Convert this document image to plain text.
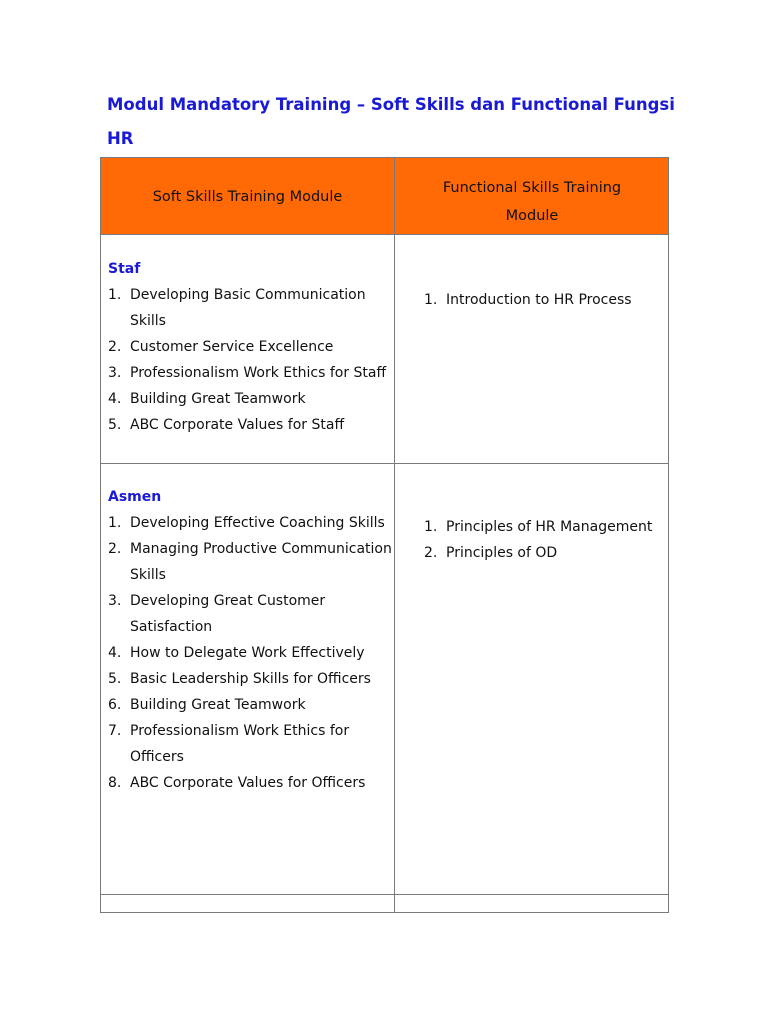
Modul Mandatory Training – Soft Skills dan Functional Fungsi HR
Soft Skills Training Module
Functional Skills Training Module
Staf
1. Developing Basic Communication Skills
2. Customer Service Excellence
3. Professionalism Work Ethics for Staff
4. Building Great Teamwork
5. ABC Corporate Values for Staff
1. Introduction to HR Process
Asmen
1. Developing Effective Coaching Skills
2. Managing Productive Communication Skills
3. Developing Great Customer Satisfaction
4. How to Delegate Work Effectively
5. Basic Leadership Skills for Officers
6. Building Great Teamwork
7. Professionalism Work Ethics for Officers
8. ABC Corporate Values for Officers
1. Principles of HR Management
2. Principles of OD
